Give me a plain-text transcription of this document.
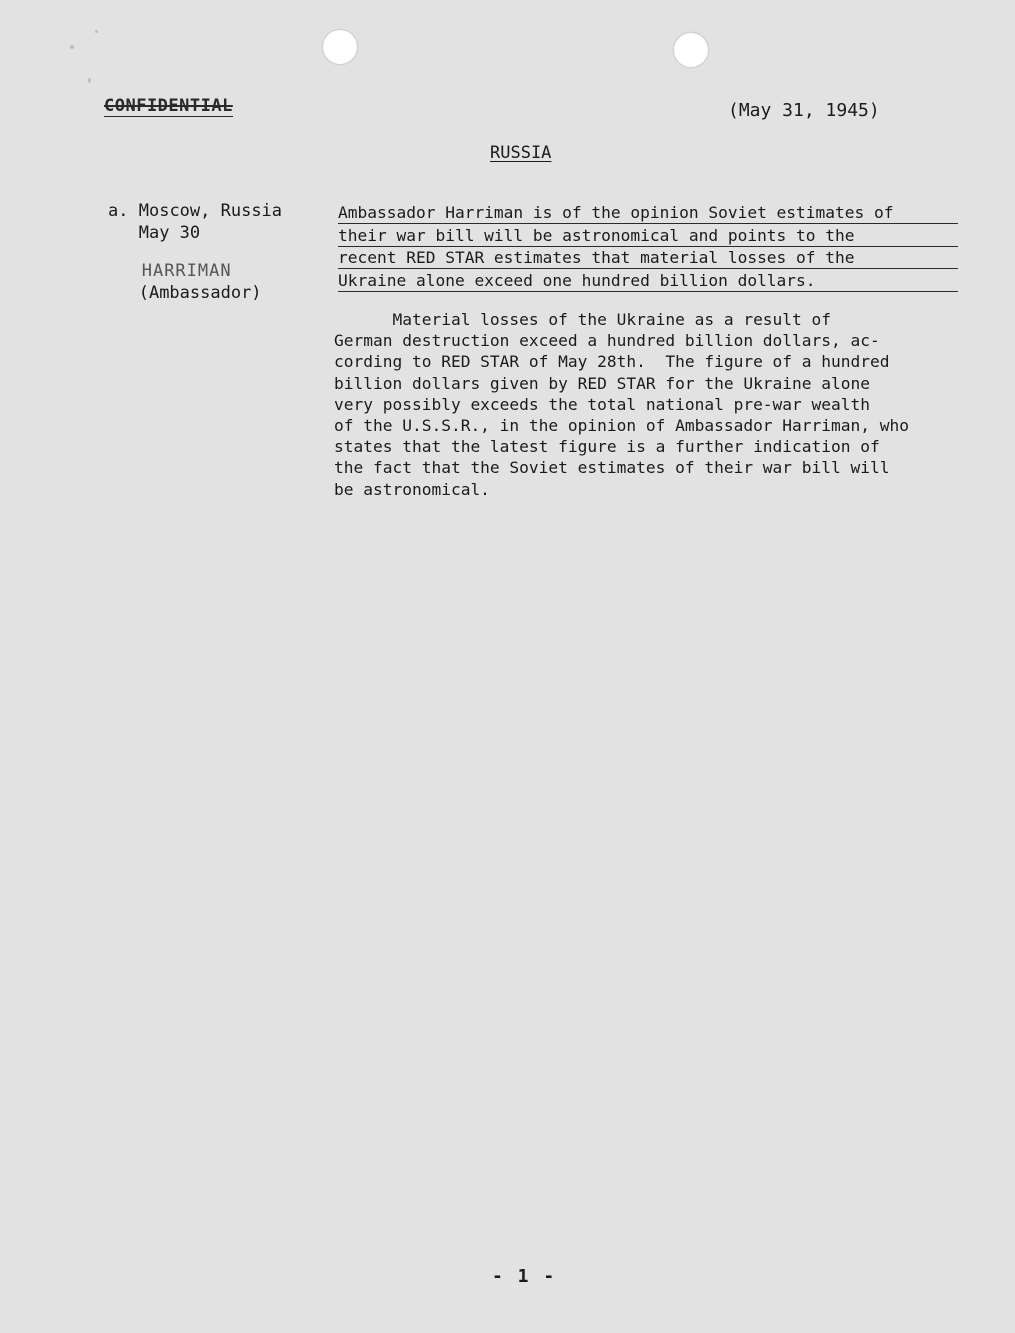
CONFIDENTIAL	(May 31, 1945)
RUSSIA
a. Moscow, Russia
May 30
HARRIMAN
(Ambassador)
Ambassador Harriman is of the opinion Soviet estimates of
their war bill will be astronomical and points to the
recent RED STAR estimates that material losses of the
Ukraine alone exceed one hundred billion dollars.
Material losses of the Ukraine as a result of
German destruction exceed a hundred billion dollars, ac-
cording to RED STAR of May 28th.  The figure of a hundred
billion dollars given by RED STAR for the Ukraine alone
very possibly exceeds the total national pre-war wealth
of the U.S.S.R., in the opinion of Ambassador Harriman, who
states that the latest figure is a further indication of
the fact that the Soviet estimates of their war bill will
be astronomical.
- 1 -
